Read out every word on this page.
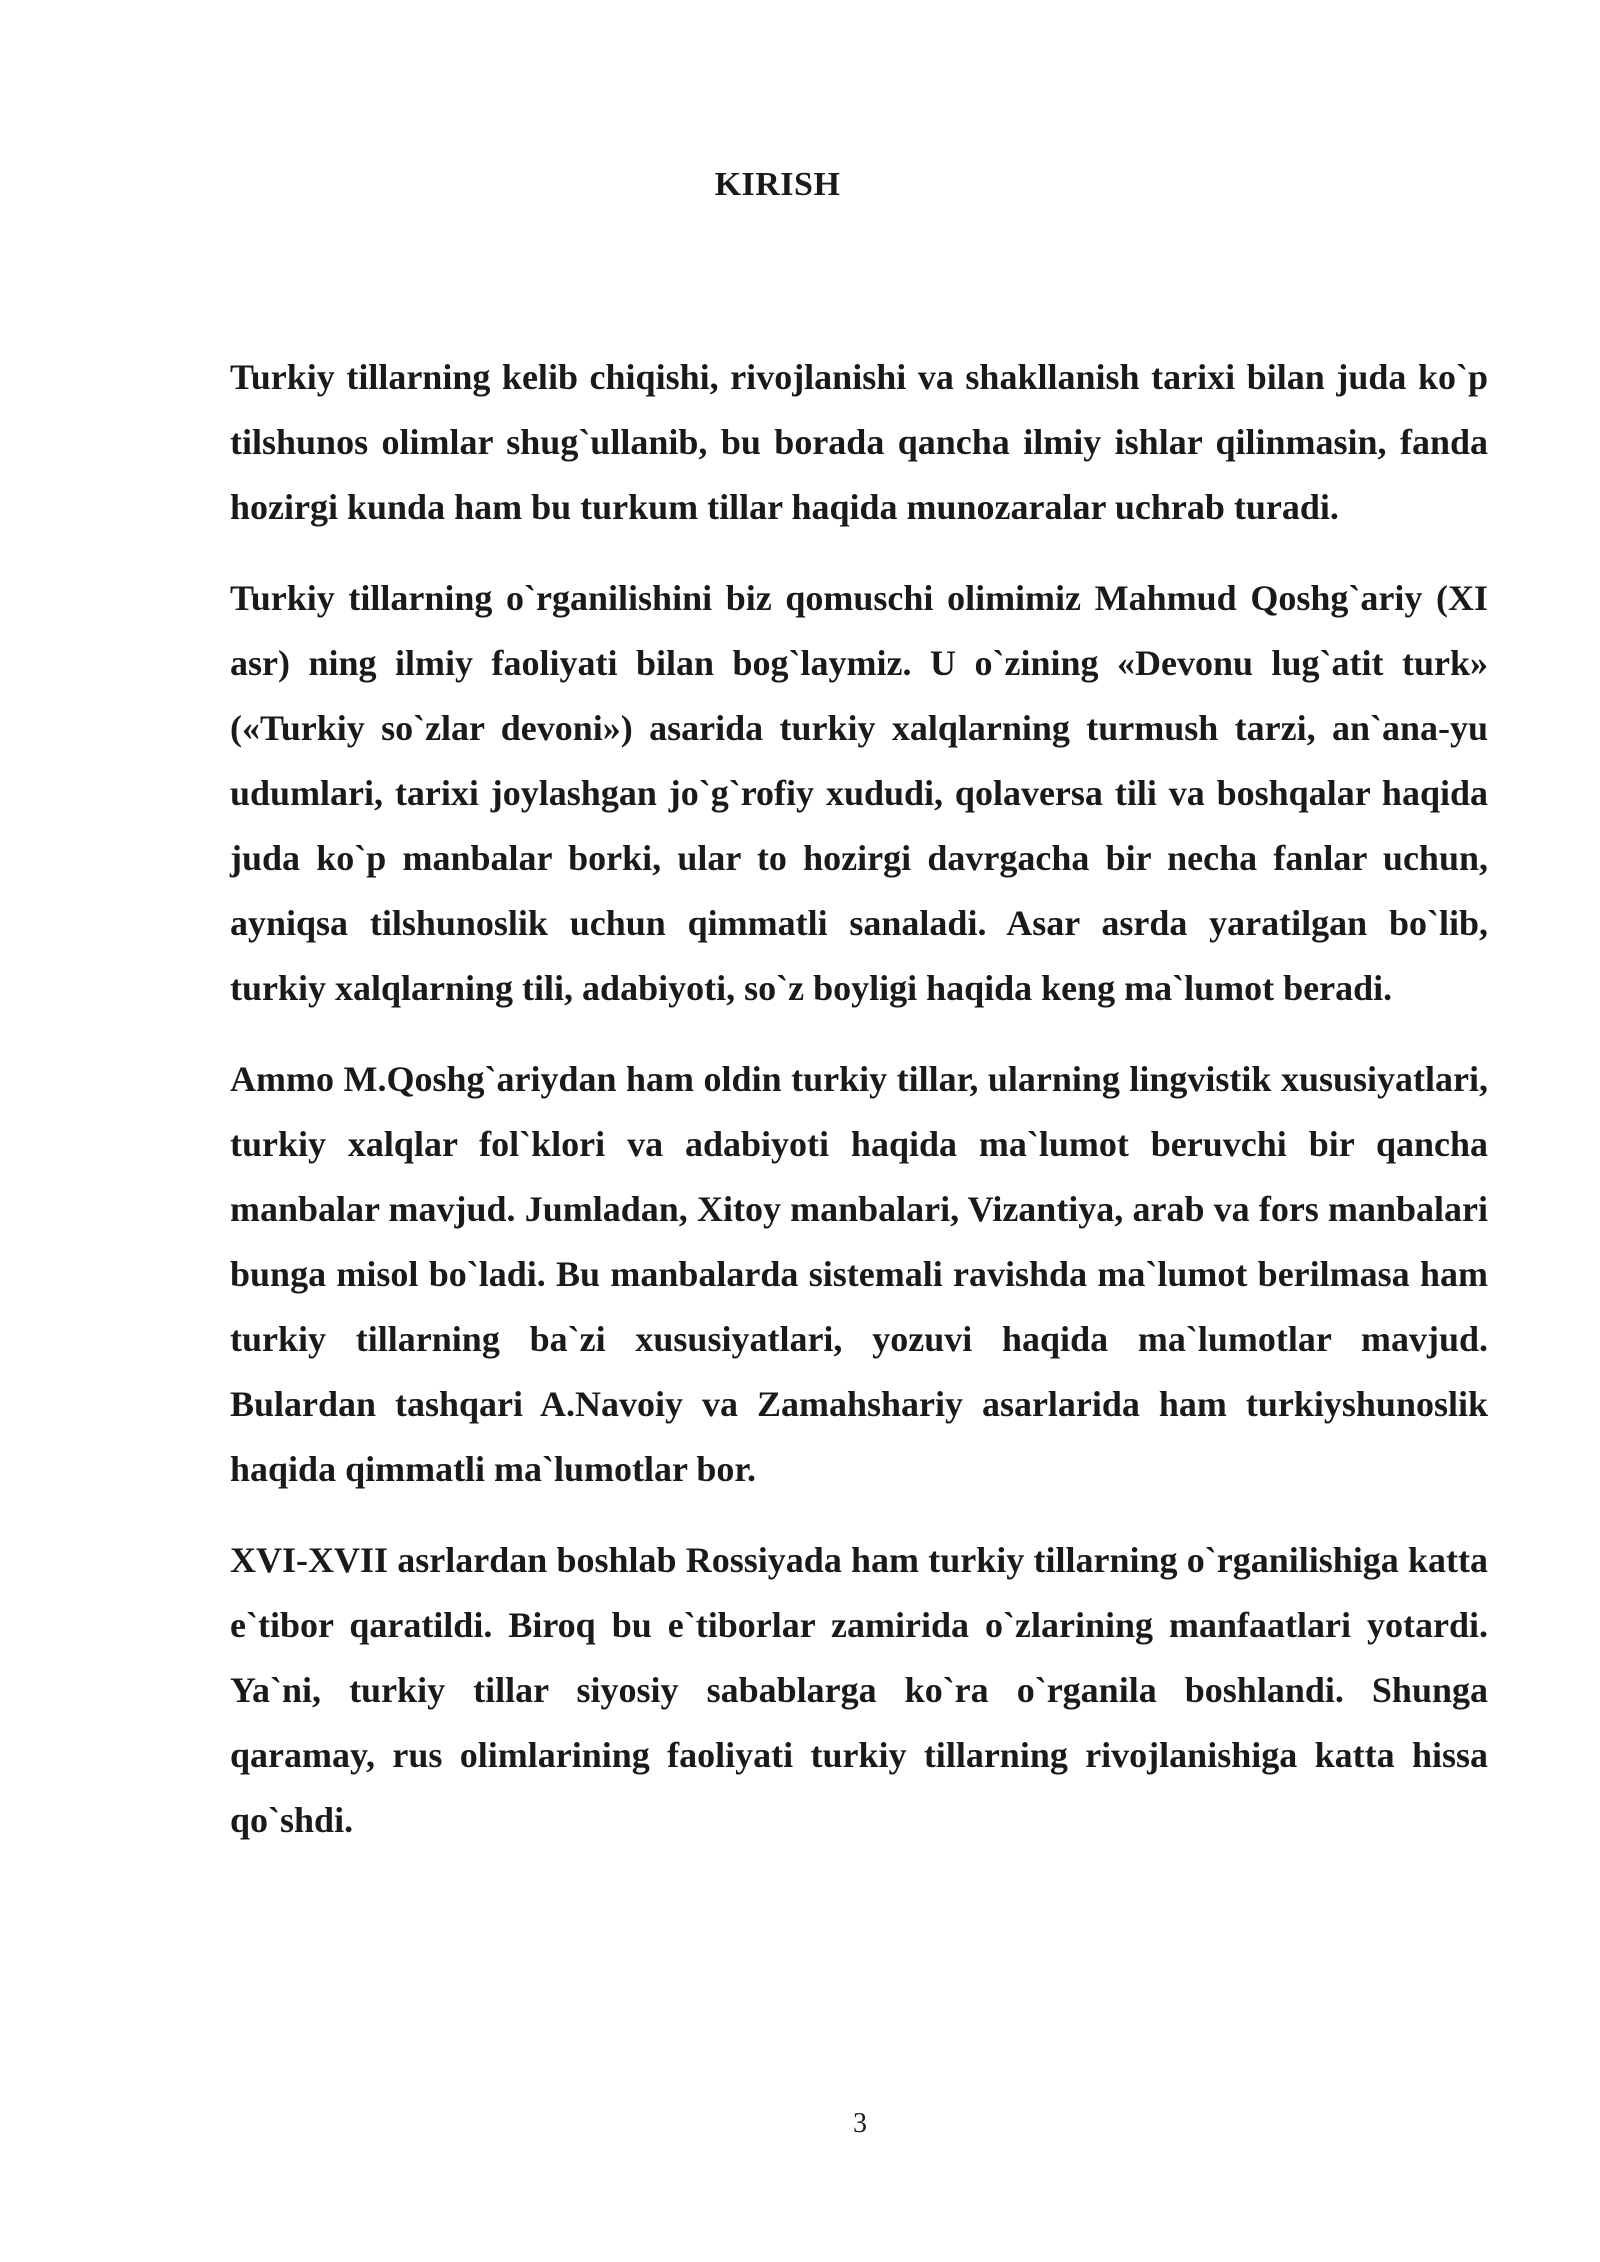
KIRISH

Turkiy tillarning kelib chiqishi, rivojlanishi va shakllanish tarixi bilan juda ko`p tilshunos olimlar shug`ullanib, bu borada qancha ilmiy ishlar qilinmasin, fanda hozirgi kunda ham bu turkum tillar haqida munozaralar uchrab turadi.

Turkiy tillarning o`rganilishini biz qomuschi olimimiz Mahmud Qoshg`ariy (XI asr) ning ilmiy faoliyati bilan bog`laymiz. U o`zining «Devonu lug`atit turk» («Turkiy so`zlar devoni») asarida turkiy xalqlarning turmush tarzi, an`ana-yu udumlari, tarixi joylashgan jo`g`rofiy xududi, qolaversa tili va boshqalar haqida juda ko`p manbalar borki, ular to hozirgi davrgacha bir necha fanlar uchun, ayniqsa tilshunoslik uchun qimmatli sanaladi. Asar asrda yaratilgan bo`lib, turkiy xalqlarning tili, adabiyoti, so`z boyligi haqida keng ma`lumot beradi.

Ammo M.Qoshg`ariydan ham oldin turkiy tillar, ularning lingvistik xususiyatlari, turkiy xalqlar fol`klori va adabiyoti haqida ma`lumot beruvchi bir qancha manbalar mavjud. Jumladan, Xitoy manbalari, Vizantiya, arab va fors manbalari bunga misol bo`ladi. Bu manbalarda sistemali ravishda ma`lumot berilmasa ham turkiy tillarning ba`zi xususiyatlari, yozuvi haqida ma`lumotlar mavjud. Bulardan tashqari A.Navoiy va Zamahshariy asarlarida ham turkiyshunoslik haqida qimmatli ma`lumotlar bor.

XVI-XVII asrlardan boshlab Rossiyada ham turkiy tillarning o`rganilishiga katta e`tibor qaratildi. Biroq bu e`tiborlar zamirida o`zlarining manfaatlari yotardi. Ya`ni, turkiy tillar siyosiy sabablarga ko`ra o`rganila boshlandi. Shunga qaramay, rus olimlarining faoliyati turkiy tillarning rivojlanishiga katta hissa qo`shdi.

3
